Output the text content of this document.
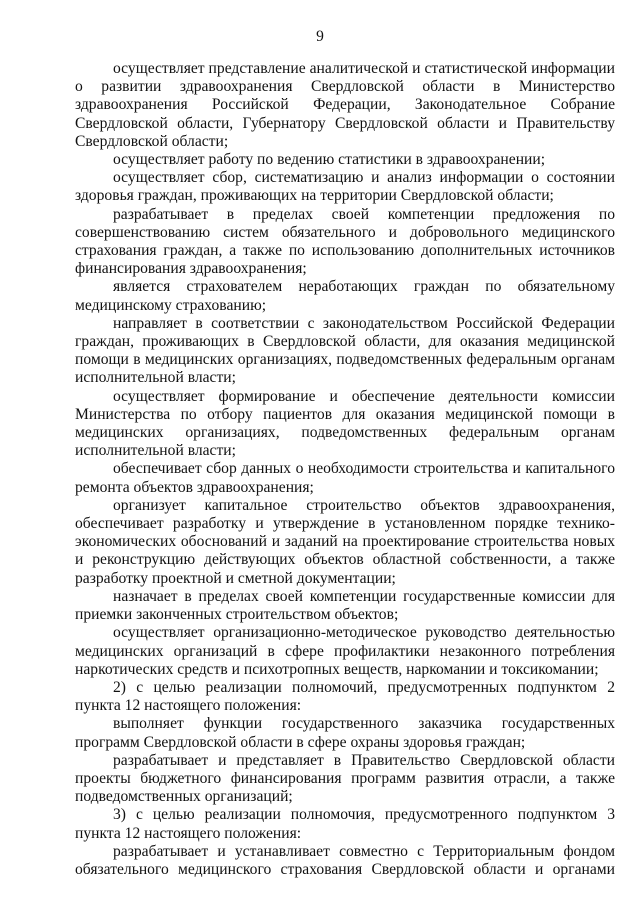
9

осуществляет представление аналитической и статистической информации о развитии здравоохранения Свердловской области в Министерство здравоохранения Российской Федерации, Законодательное Собрание Свердловской области, Губернатору Свердловской области и Правительству Свердловской области;

осуществляет работу по ведению статистики в здравоохранении;

осуществляет сбор, систематизацию и анализ информации о состоянии здоровья граждан, проживающих на территории Свердловской области;

разрабатывает в пределах своей компетенции предложения по совершенствованию систем обязательного и добровольного медицинского страхования граждан, а также по использованию дополнительных источников финансирования здравоохранения;

является страхователем неработающих граждан по обязательному медицинскому страхованию;

направляет в соответствии с законодательством Российской Федерации граждан, проживающих в Свердловской области, для оказания медицинской помощи в медицинских организациях, подведомственных федеральным органам исполнительной власти;

осуществляет формирование и обеспечение деятельности комиссии Министерства по отбору пациентов для оказания медицинской помощи в медицинских организациях, подведомственных федеральным органам исполнительной власти;

обеспечивает сбор данных о необходимости строительства и капитального ремонта объектов здравоохранения;

организует капитальное строительство объектов здравоохранения, обеспечивает разработку и утверждение в установленном порядке технико-экономических обоснований и заданий на проектирование строительства новых и реконструкцию действующих объектов областной собственности, а также разработку проектной и сметной документации;

назначает в пределах своей компетенции государственные комиссии для приемки законченных строительством объектов;

осуществляет организационно-методическое руководство деятельностью медицинских организаций в сфере профилактики незаконного потребления наркотических средств и психотропных веществ, наркомании и токсикомании;

2) с целью реализации полномочий, предусмотренных подпунктом 2 пункта 12 настоящего положения:

выполняет функции государственного заказчика государственных программ Свердловской области в сфере охраны здоровья граждан;

разрабатывает и представляет в Правительство Свердловской области проекты бюджетного финансирования программ развития отрасли, а также подведомственных организаций;

3) с целью реализации полномочия, предусмотренного подпунктом 3 пункта 12 настоящего положения:

разрабатывает и устанавливает совместно с Территориальным фондом обязательного медицинского страхования Свердловской области и органами
